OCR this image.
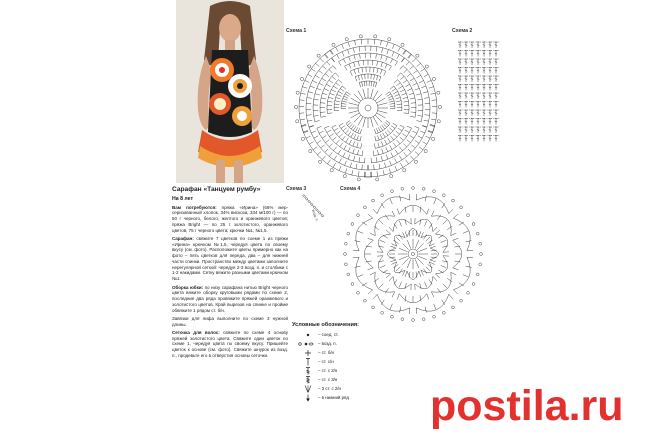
Сарафан «Танцуем румбу»
На 8 лет
Вам потребуются: пряжа «Ирина» (66% мер-серизованный хлопок, 34% вискоза, 334 м/100 г) — по 50 г черного, белого, желтого и оранжевого цветов; пряжа Bright — по 25 г золотистого, оранжевого цветов, 75 г черного цвета; крючки №1, №1,5.
Сарафан: свяжите 7 цветков по схеме 1 из пряжи «Ирина» крючком №1,5, чередуя цвета по своему вкусу (см. фото). Расположите цветы примерно как на фото – пять цветков для переда, два – для нижней части спинки. Пространство между цветами заполните нерегулярной сеткой: чередуя 2-3 возд. п. и столбики с 1-2 накидами. Сетку вяжите разными цветами крючком №1.
Оборка юбки: по низу сарафана нитью Bright черного цвета вяжите оборку круговыми рядами по схеме 2, последние два ряда провяжите пряжей оранжевого и золотистого цветов. Край вырезов на спинке и пройме обвяжите 1 рядом ст. б/н.
Завязки для лифа выполните по схеме 3 нужной длины.
Сеточка для волос: свяжите по схеме 4 основу пряжей золотистого цвета. Свяжите один цветок по схеме 1, чередуя цвета по своему вкусу. Пришейте цветок к основе (см. фото). Свяжите шнурок из возд. п., продевьте его в отверстия основы сеточки.
Схема 1	Схема 2
Схема 3	Схема 4
возд. п.
Условные обозначения:
– соед. ст.
– возд. п.
– ст. б/н
– ст. с/н
– ст. с 2/н
– ст. с 3/н
– 3 ст. с 2/н
– в нижний ряд postila.ru
